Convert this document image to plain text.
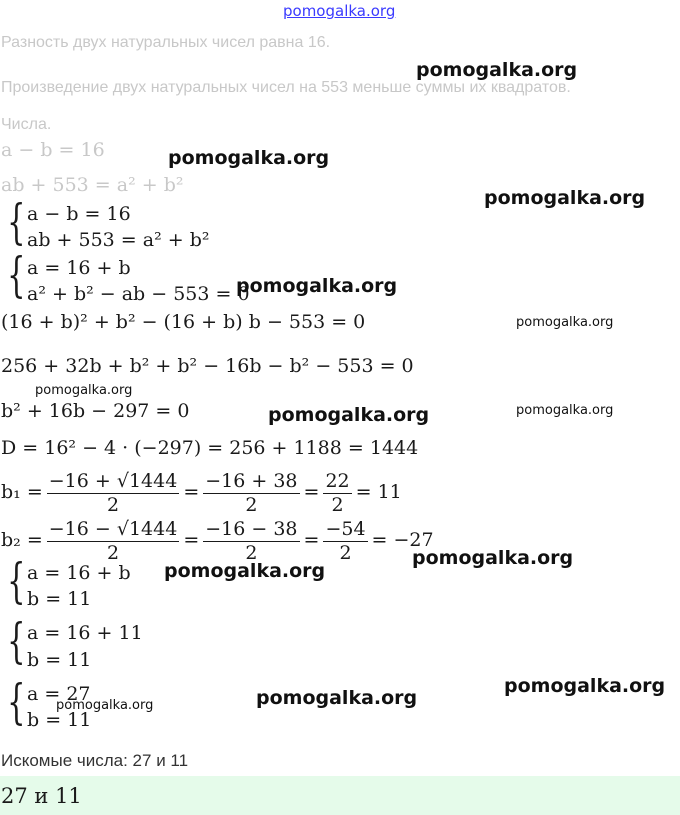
pomogalka.org
Разность двух натуральных чисел равна 16.
Произведение двух натуральных чисел на 553 меньше суммы их квадратов.
Числа.
a − b = 16
ab + 553 = a² + b²
{ a − b = 16
ab + 553 = a² + b²
{ a = 16 + b
a² + b² − ab − 553 = 0
(16 + b)² + b² − (16 + b) b − 553 = 0
256 + 32b + b² + b² − 16b − b² − 553 = 0
b² + 16b − 297 = 0
D = 16² − 4 · (−297) = 256 + 1188 = 1444
$b_1 = \frac{-16 + √1444}{2} = \frac{-16 + 38}{2} = \frac{22}{2} = 11$
$b_2 = \frac{-16 - √1444}{2} = \frac{-16 - 38}{2} = \frac{-54}{2} = -27$
{ a = 16 + b
b = 11
{ a = 16 + 11
b = 11
{ a = 27
b = 11
Искомые числа: 27 и 11
27 и 11
pomogalka.org
pomogalka.org
pomogalka.org
pomogalka.org
pomogalka.org
pomogalka.org
pomogalka.org	pomogalka.org
pomogalka.org
pomogalka.org
pomogalka.org
pomogalka.org
pomogalka.org
